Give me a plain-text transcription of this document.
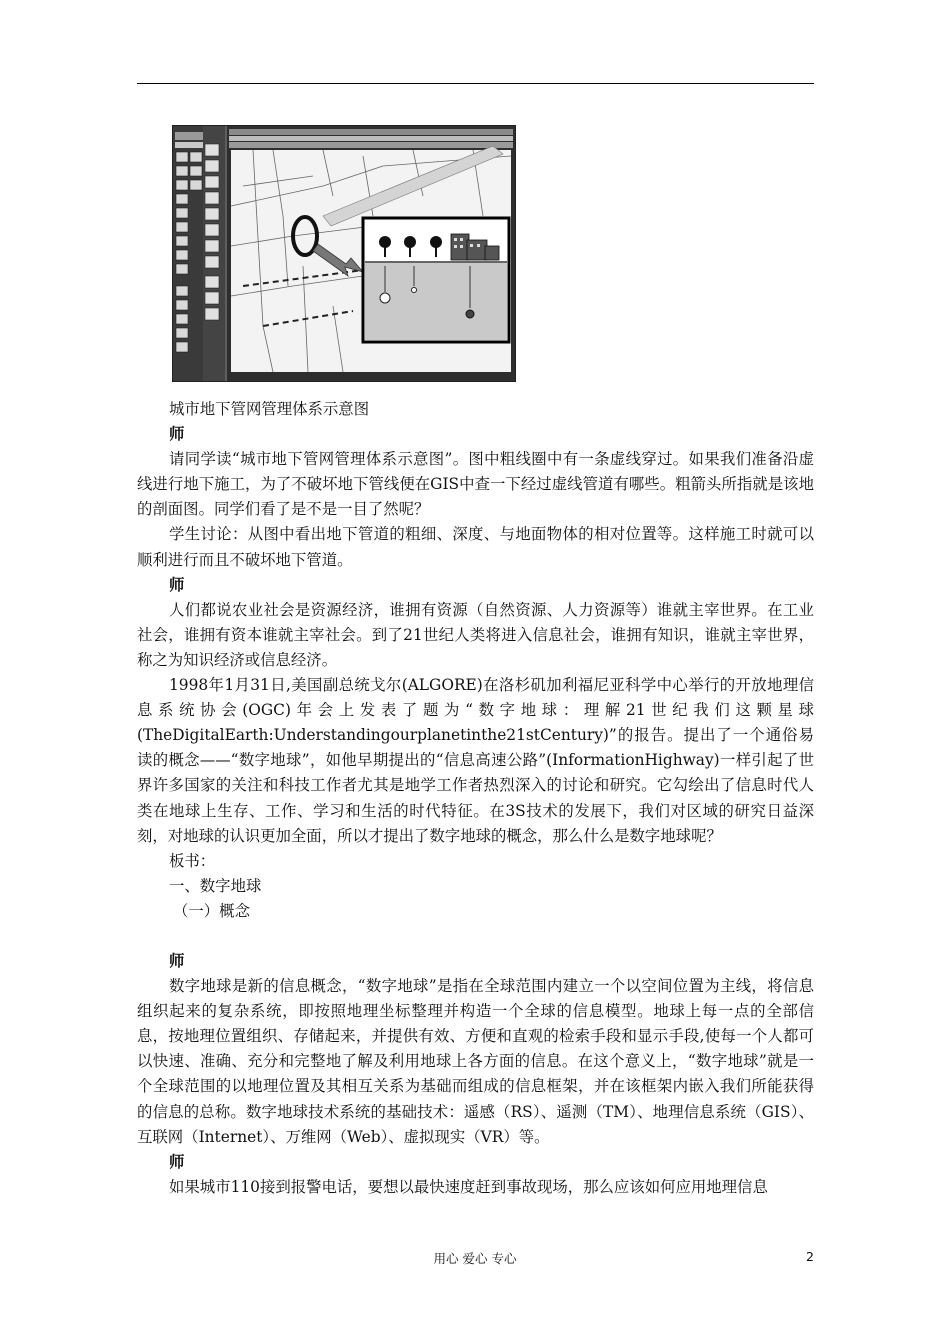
城市地下管网管理体系示意图

师

请同学读“城市地下管网管理体系示意图”。图中粗线圈中有一条虚线穿过。如果我们准备沿虚线进行地下施工，为了不破坏地下管线便在GIS中查一下经过虚线管道有哪些。粗箭头所指就是该地的剖面图。同学们看了是不是一目了然呢？

学生讨论：从图中看出地下管道的粗细、深度、与地面物体的相对位置等。这样施工时就可以顺利进行而且不破坏地下管道。

师

人们都说农业社会是资源经济，谁拥有资源（自然资源、人力资源等）谁就主宰世界。在工业社会，谁拥有资本谁就主宰社会。到了21世纪人类将进入信息社会，谁拥有知识，谁就主宰世界，称之为知识经济或信息经济。

1998年1月31日,美国副总统戈尔(ALGORE)在洛杉矶加利福尼亚科学中心举行的开放地理信息系统协会(OGC)年会上发表了题为“数字地球：理解21世纪我们这颗星球(TheDigitalEarth:Understandingourplanetinthe21stCentury)”的报告。提出了一个通俗易读的概念——“数字地球”，如他早期提出的“信息高速公路”(InformationHighway)一样引起了世界许多国家的关注和科技工作者尤其是地学工作者热烈深入的讨论和研究。它勾绘出了信息时代人类在地球上生存、工作、学习和生活的时代特征。在3S技术的发展下，我们对区域的研究日益深刻，对地球的认识更加全面，所以才提出了数字地球的概念，那么什么是数字地球呢？

板书：

一、数字地球

（一）概念

师

数字地球是新的信息概念，“数字地球”是指在全球范围内建立一个以空间位置为主线，将信息组织起来的复杂系统，即按照地理坐标整理并构造一个全球的信息模型。地球上每一点的全部信息，按地理位置组织、存储起来，并提供有效、方便和直观的检索手段和显示手段,使每一个人都可以快速、准确、充分和完整地了解及利用地球上各方面的信息。在这个意义上，“数字地球”就是一个全球范围的以地理位置及其相互关系为基础而组成的信息框架，并在该框架内嵌入我们所能获得的信息的总称。数字地球技术系统的基础技术：遥感（RS）、遥测（TM）、地理信息系统（GIS）、互联网（Internet）、万维网（Web）、虚拟现实（VR）等。

师

如果城市110接到报警电话，要想以最快速度赶到事故现场，那么应该如何应用地理信息

用心 爱心 专心	2
